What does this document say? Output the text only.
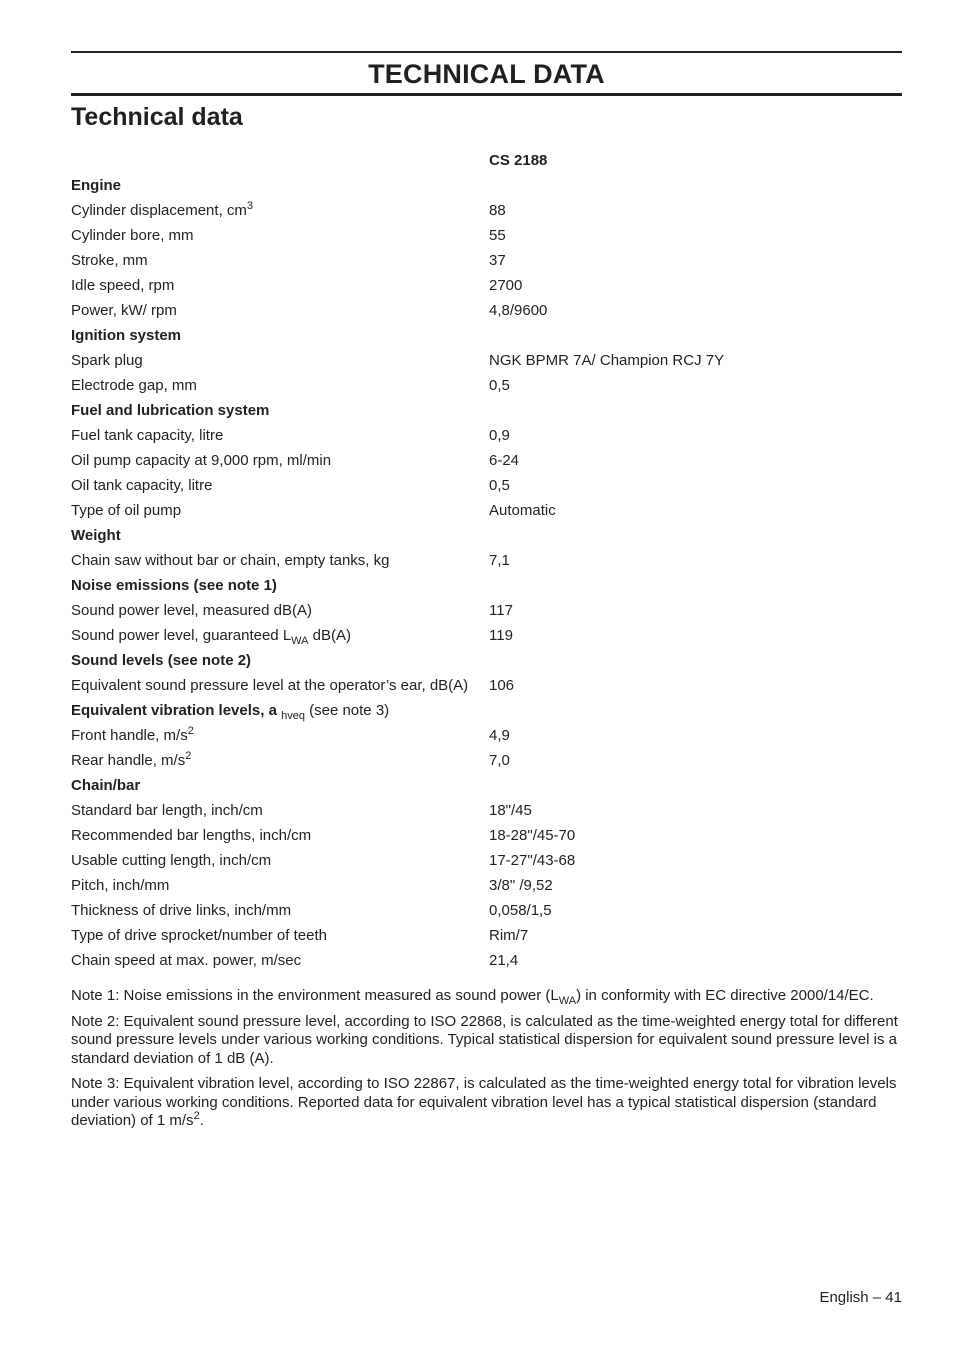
TECHNICAL DATA
Technical data
	CS 2188
Engine	
Cylinder displacement, $cm^3$	88
Cylinder bore, mm	55
Stroke, mm	37
Idle speed, rpm	2700
Power, kW/ rpm	4,8/9600
Ignition system	
Spark plug	NGK BPMR 7A/ Champion RCJ 7Y
Electrode gap, mm	0,5
Fuel and lubrication system	
Fuel tank capacity, litre	0,9
Oil pump capacity at 9,000 rpm, ml/min	6-24
Oil tank capacity, litre	0,5
Type of oil pump	Automatic
Weight	
Chain saw without bar or chain, empty tanks, kg	7,1
Noise emissions (see note 1)	
Sound power level, measured dB(A)	117
Sound power level, guaranteed $L_{WA}$ dB(A)	119
Sound levels (see note 2)	
Equivalent sound pressure level at the operator’s ear, dB(A)	106
Equivalent vibration levels, a $_{hveq}$ (see note 3)	
Front handle, $m/s^2$	4,9
Rear handle, $m/s^2$	7,0
Chain/bar	
Standard bar length, inch/cm	18"/45
Recommended bar lengths, inch/cm	18-28"/45-70
Usable cutting length, inch/cm	17-27"/43-68
Pitch, inch/mm	3/8" /9,52
Thickness of drive links, inch/mm	0,058/1,5
Type of drive sprocket/number of teeth	Rim/7
Chain speed at max. power, m/sec	21,4

Note 1: Noise emissions in the environment measured as sound power $(L_{WA})$ in conformity with EC directive 2000/14/EC.

Note 2: Equivalent sound pressure level, according to ISO 22868, is calculated as the time-weighted energy total for different sound pressure levels under various working conditions. Typical statistical dispersion for equivalent sound pressure level is a standard deviation of 1 dB (A).

Note 3: Equivalent vibration level, according to ISO 22867, is calculated as the time-weighted energy total for vibration levels under various working conditions. Reported data for equivalent vibration level has a typical statistical dispersion (standard deviation) of 1 $m/s^2$.

English – 41
